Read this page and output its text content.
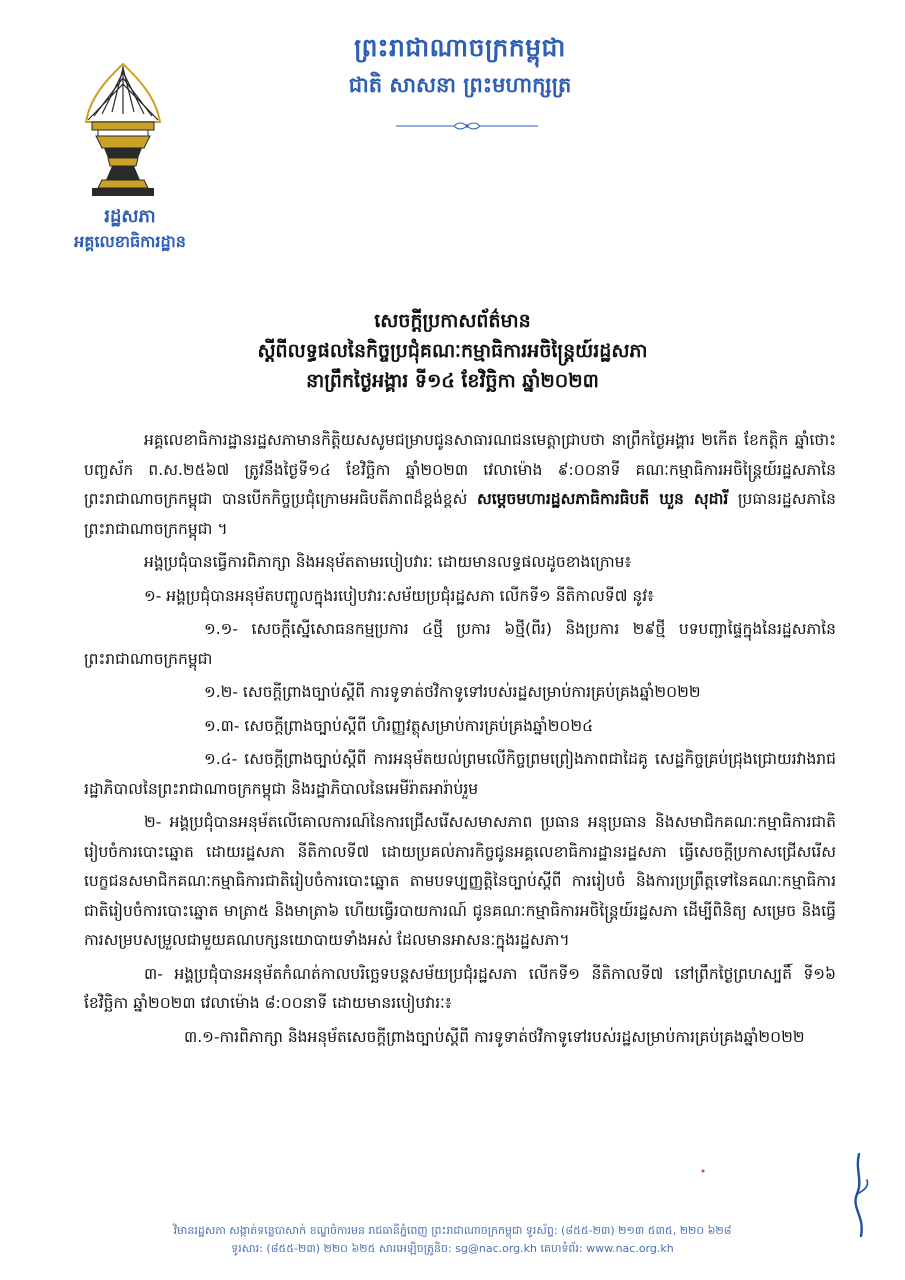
ព្រះរាជាណាចក្រកម្ពុជា
ជាតិ សាសនា ព្រះមហាក្សត្រ
រដ្ឋសភា
អគ្គលេខាធិការដ្ឋាន
សេចក្តីប្រកាសព័ត៌មាន
ស្តីពីលទ្ធផលនៃកិច្ចប្រជុំគណៈកម្មាធិការអចិន្ត្រៃយ៍រដ្ឋសភា
នាព្រឹកថ្ងៃអង្គារ ទី១៤ ខែវិច្ឆិកា ឆ្នាំ២០២៣

អគ្គលេខាធិការដ្ឋានរដ្ឋសភាមានកិត្តិយសសូមជម្រាបជូនសាធារណជនមេត្តាជ្រាបថា នាព្រឹកថ្ងៃអង្គារ ២កើត ខែកត្តិក ឆ្នាំថោះ បញ្ចស័ក ព.ស.២៥៦៧ ត្រូវនឹងថ្ងៃទី១៤ ខែវិច្ឆិកា ឆ្នាំ២០២៣ វេលាម៉ោង ៩:០០នាទី គណៈកម្មាធិការអចិន្ត្រៃយ៍រដ្ឋសភានៃព្រះរាជាណាចក្រកម្ពុជា បានបើកកិច្ចប្រជុំក្រោមអធិបតីភាពដ៏ខ្ពង់ខ្ពស់ សម្តេចមហារដ្ឋសភាធិការធិបតី ឃួន សុដារី ប្រធានរដ្ឋសភានៃព្រះរាជាណាចក្រកម្ពុជា ។

អង្គប្រជុំបានធ្វើការពិភាក្សា និងអនុម័តតាមរបៀបវារៈ ដោយមានលទ្ធផលដូចខាងក្រោម៖

១- អង្គប្រជុំបានអនុម័តបញ្ចូលក្នុងរបៀបវារៈសម័យប្រជុំរដ្ឋសភា លើកទី១ នីតិកាលទី៧ នូវ៖

១.១- សេចក្តីស្នើសោធនកម្មប្រការ ៤ថ្មី ប្រការ ៦ថ្មី(ពីរ) និងប្រការ ២៩ថ្មី បទបញ្ជាផ្ទៃក្នុងនៃរដ្ឋសភានៃព្រះរាជាណាចក្រកម្ពុជា

១.២- សេចក្តីព្រាងច្បាប់ស្តីពី ការទូទាត់ថវិកាទូទៅរបស់រដ្ឋសម្រាប់ការគ្រប់គ្រងឆ្នាំ២០២២

១.៣- សេចក្តីព្រាងច្បាប់ស្តីពី ហិរញ្ញវត្ថុសម្រាប់ការគ្រប់គ្រងឆ្នាំ២០២៤

១.៤- សេចក្តីព្រាងច្បាប់ស្តីពី ការអនុម័តយល់ព្រមលើកិច្ចព្រមព្រៀងភាពជាដៃគូ សេដ្ឋកិច្ចគ្រប់ជ្រុងជ្រោយរវាងរាជរដ្ឋាភិបាលនៃព្រះរាជាណាចក្រកម្ពុជា និងរដ្ឋាភិបាលនៃអេមីរ៉ាតអារ៉ាប់រួម

២- អង្គប្រជុំបានអនុម័តលើគោលការណ៍នៃការជ្រើសរើសសមាសភាព ប្រធាន អនុប្រធាន និងសមាជិកគណៈកម្មាធិការជាតិរៀបចំការបោះឆ្នោត ដោយរដ្ឋសភា នីតិកាលទី៧ ដោយប្រគល់ភារកិច្ចជូនអគ្គលេខាធិការដ្ឋានរដ្ឋសភា ធ្វើសេចក្តីប្រកាសជ្រើសរើសបេក្ខជនសមាជិកគណៈកម្មាធិការជាតិរៀបចំការបោះឆ្នោត តាមបទប្បញ្ញត្តិនៃច្បាប់ស្តីពី ការរៀបចំ និងការប្រព្រឹត្តទៅនៃគណៈកម្មាធិការជាតិរៀបចំការបោះឆ្នោត មាត្រា៥ និងមាត្រា៦ ហើយធ្វើរបាយការណ៍ ជូនគណៈកម្មាធិការអចិន្ត្រៃយ៍រដ្ឋសភា ដើម្បីពិនិត្យ សម្រេច និងធ្វើការសម្របសម្រួលជាមួយគណបក្សនយោបាយទាំងអស់ ដែលមានអាសនៈក្នុងរដ្ឋសភា។

៣- អង្គប្រជុំបានអនុម័តកំណត់កាលបរិច្ឆេទបន្តសម័យប្រជុំរដ្ឋសភា លើកទី១ នីតិកាលទី៧ នៅព្រឹកថ្ងៃព្រហស្បតិ៍ ទី១៦ ខែវិច្ឆិកា ឆ្នាំ២០២៣ វេលាម៉ោង ៨:០០នាទី ដោយមានរបៀបវារៈ៖

៣.១-ការពិភាក្សា និងអនុម័តសេចក្តីព្រាងច្បាប់ស្តីពី ការទូទាត់ថវិកាទូទៅរបស់រដ្ឋសម្រាប់ការគ្រប់គ្រងឆ្នាំ២០២២

វិមានរដ្ឋសភា សង្កាត់ទន្លេបាសាក់ ខណ្ឌចំការមន រាជធានីភ្នំពេញ ព្រះរាជាណាចក្រកម្ពុជា ទូរស័ព្ទ: (៨៥៥-២៣) ២១៣ ៥៣៥, ២២០ ៦២៨
ទូរសារ: (៨៥៥-២៣) ២២០ ៦២៥ សារអេឡិចត្រូនិច: sg@nac.org.kh គេហទំព័រ: www.nac.org.kh
